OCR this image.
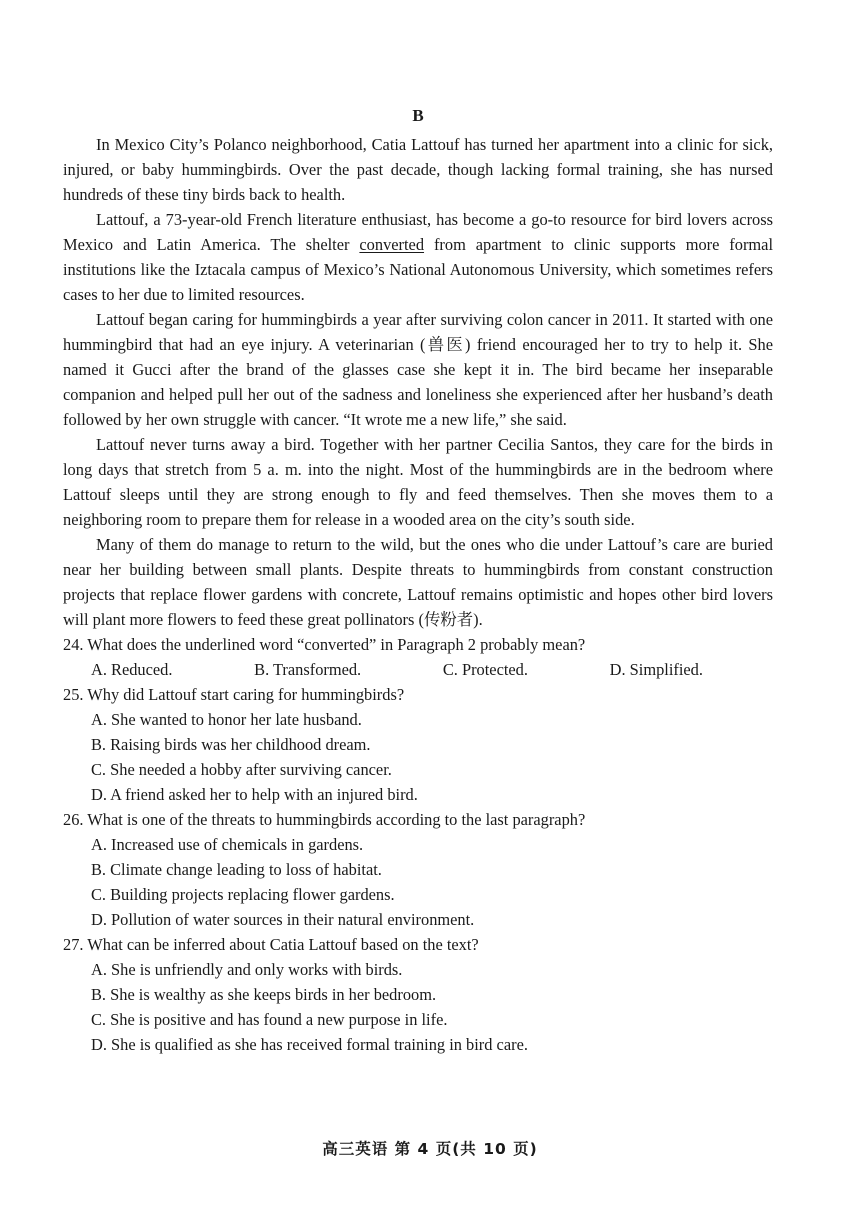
B

In Mexico City’s Polanco neighborhood, Catia Lattouf has turned her apartment into a clinic for sick, injured, or baby hummingbirds. Over the past decade, though lacking formal training, she has nursed hundreds of these tiny birds back to health.

Lattouf, a 73-year-old French literature enthusiast, has become a go-to resource for bird lovers across Mexico and Latin America. The shelter converted from apartment to clinic supports more formal institutions like the Iztacala campus of Mexico’s National Autonomous University, which sometimes refers cases to her due to limited resources.

Lattouf began caring for hummingbirds a year after surviving colon cancer in 2011. It started with one hummingbird that had an eye injury. A veterinarian (兽医) friend encouraged her to try to help it. She named it Gucci after the brand of the glasses case she kept it in. The bird became her inseparable companion and helped pull her out of the sadness and loneliness she experienced after her husband’s death followed by her own struggle with cancer. “It wrote me a new life,” she said.

Lattouf never turns away a bird. Together with her partner Cecilia Santos, they care for the birds in long days that stretch from 5 a. m. into the night. Most of the hummingbirds are in the bedroom where Lattouf sleeps until they are strong enough to fly and feed themselves. Then she moves them to a neighboring room to prepare them for release in a wooded area on the city’s south side.

Many of them do manage to return to the wild, but the ones who die under Lattouf’s care are buried near her building between small plants. Despite threats to hummingbirds from constant construction projects that replace flower gardens with concrete, Lattouf remains optimistic and hopes other bird lovers will plant more flowers to feed these great pollinators (传粉者).

24. What does the underlined word “converted” in Paragraph 2 probably mean?

A. Reduced.	B. Transformed.	C. Protected.	D. Simplified.

25. Why did Lattouf start caring for hummingbirds?

A. She wanted to honor her late husband.
B. Raising birds was her childhood dream.
C. She needed a hobby after surviving cancer.
D. A friend asked her to help with an injured bird.

26. What is one of the threats to hummingbirds according to the last paragraph?

A. Increased use of chemicals in gardens.
B. Climate change leading to loss of habitat.
C. Building projects replacing flower gardens.
D. Pollution of water sources in their natural environment.

27. What can be inferred about Catia Lattouf based on the text?

A. She is unfriendly and only works with birds.
B. She is wealthy as she keeps birds in her bedroom.
C. She is positive and has found a new purpose in life.
D. She is qualified as she has received formal training in bird care.
高三英语 第 4 页(共 10 页)
